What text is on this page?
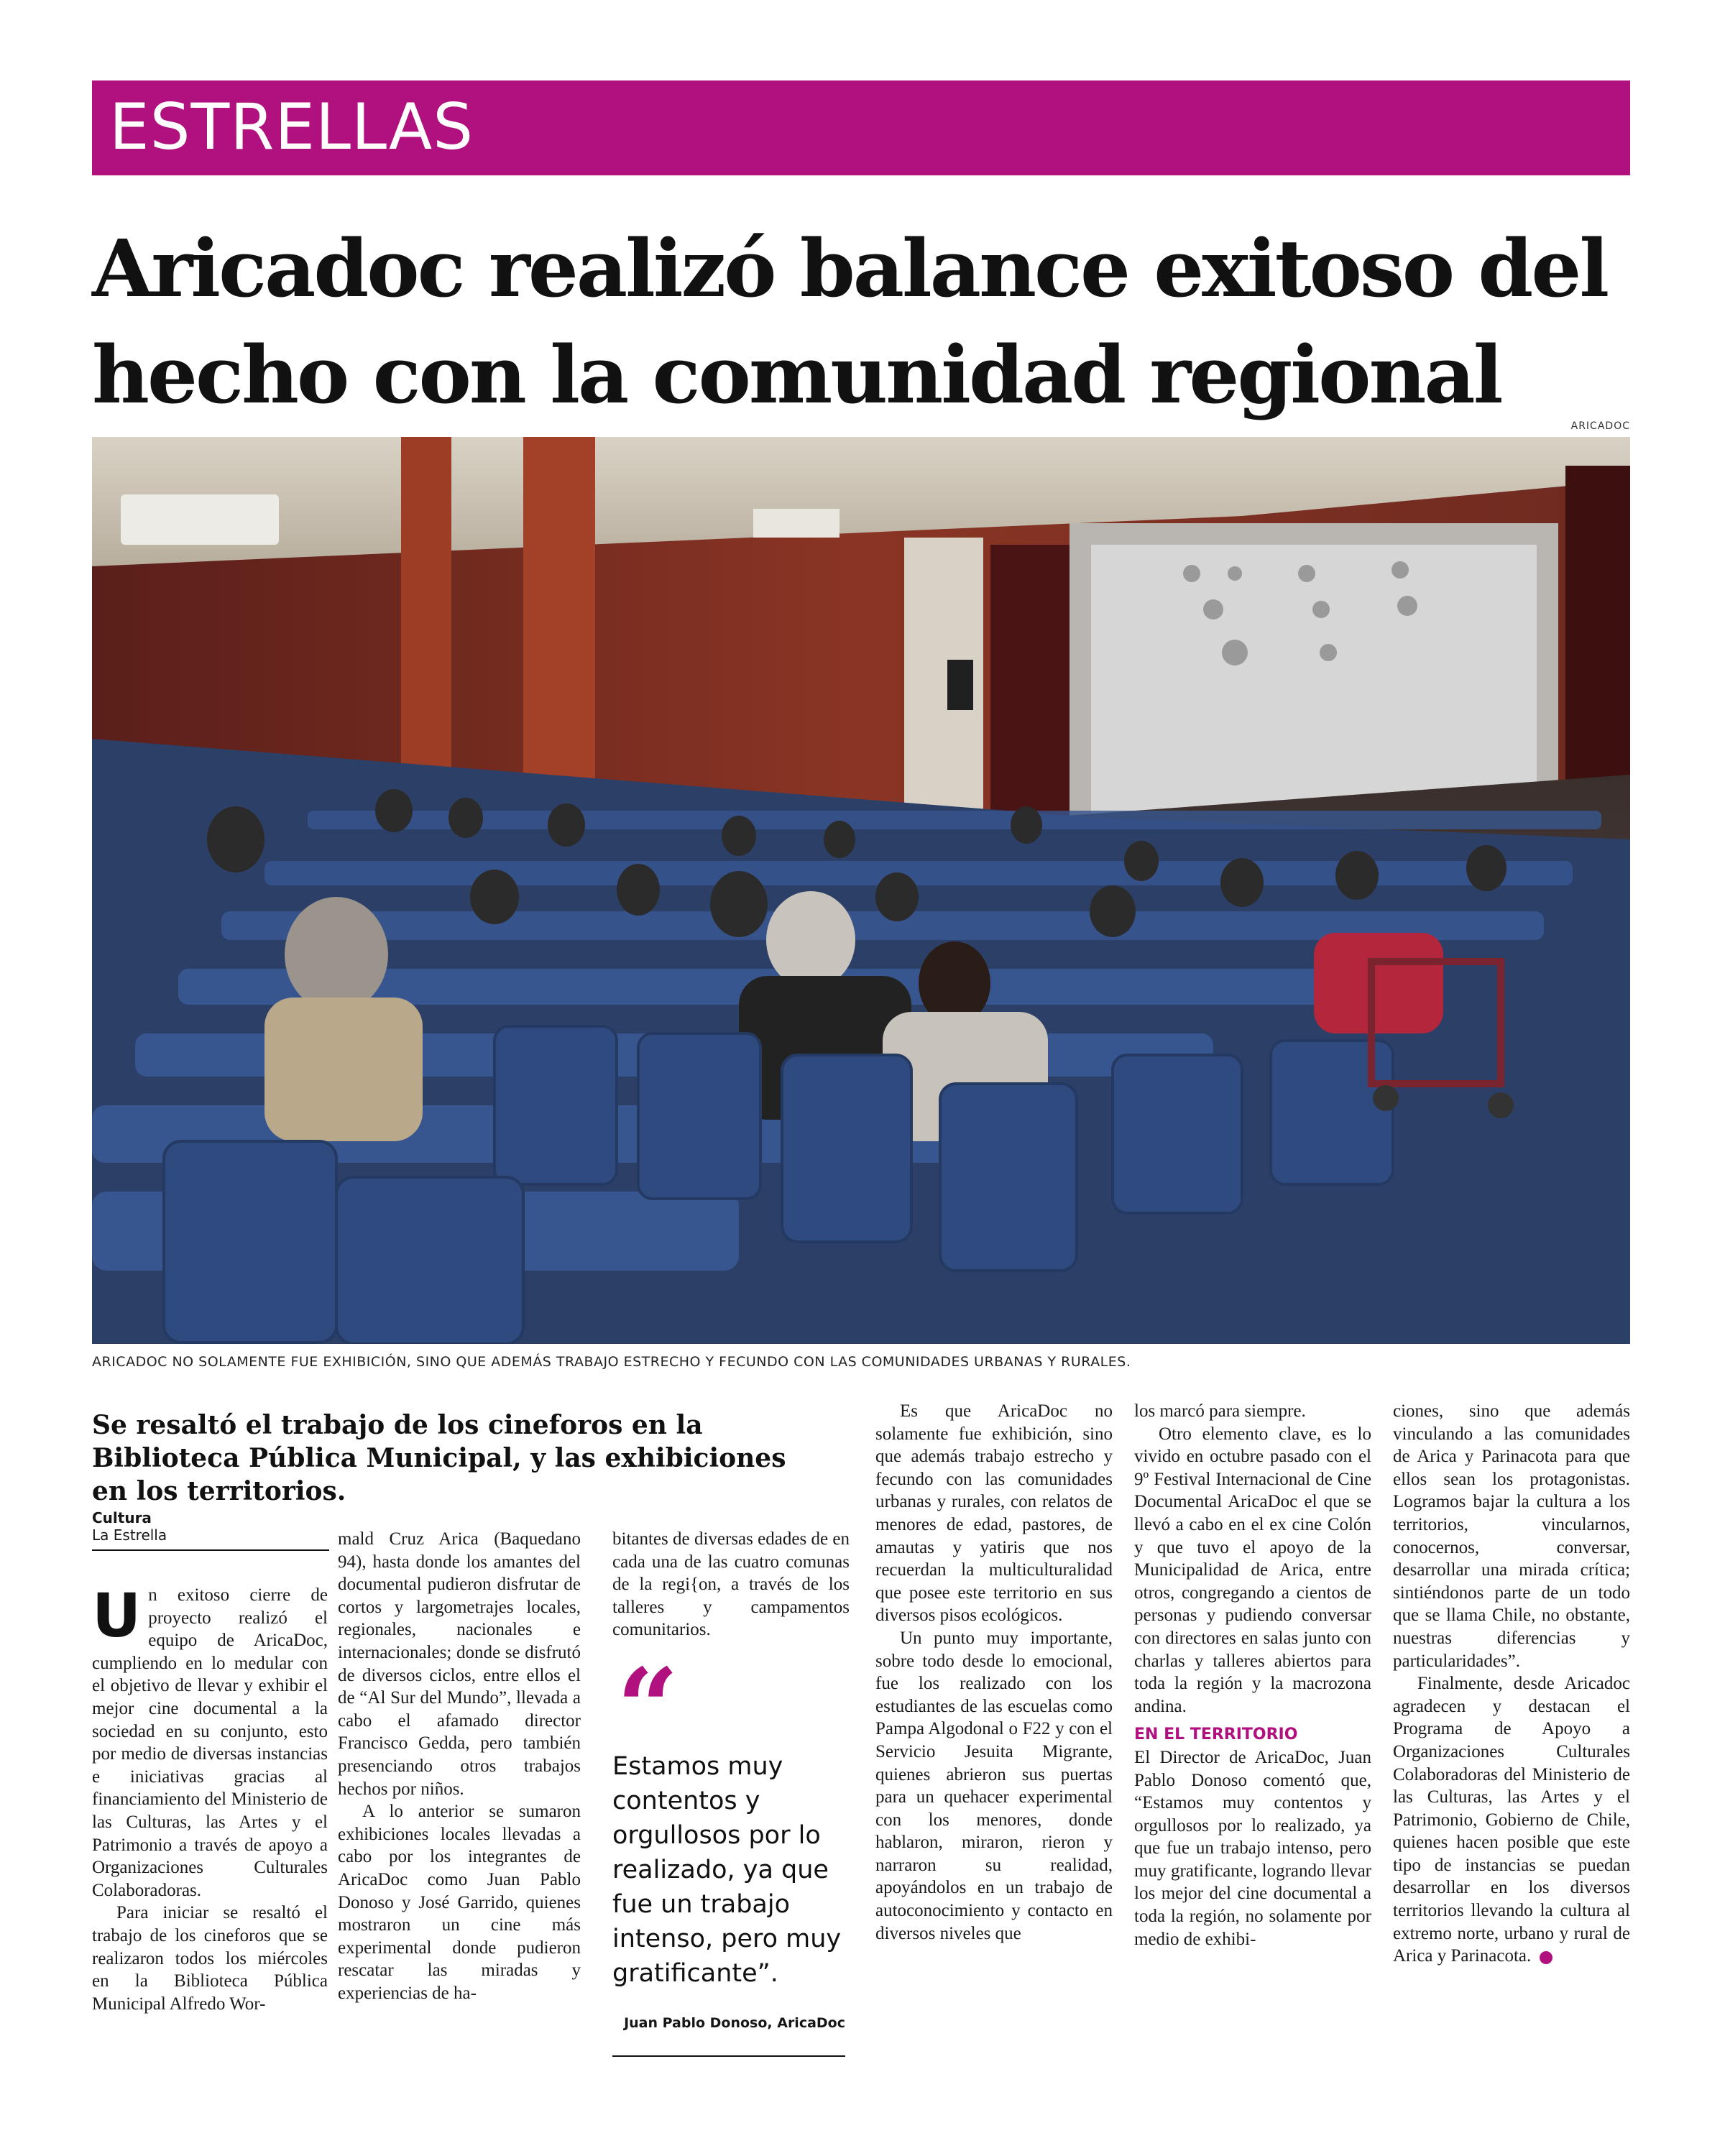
ESTRELLAS
Aricadoc realizó balance exitoso del hecho con la comunidad regional
ARICADOC
ARICADOC NO SOLAMENTE FUE EXHIBICIÓN, SINO QUE ADEMÁS TRABAJO ESTRECHO Y FECUNDO CON LAS COMUNIDADES URBANAS Y RURALES.
Se resaltó el trabajo de los cineforos en la Biblioteca Pública Municipal, y las exhibiciones en los territorios.
Cultura
La Estrella

Un exitoso cierre de proyecto realizó el equipo de AricaDoc, cumpliendo en lo medular con el objetivo de llevar y exhibir el mejor cine documental a la sociedad en su conjunto, esto por medio de diversas instancias e iniciativas gracias al financiamiento del Ministerio de las Culturas, las Artes y el Patrimonio a través de apoyo a Organizaciones Culturales Colaboradoras.

Para iniciar se resaltó el trabajo de los cineforos que se realizaron todos los miércoles en la Biblioteca Pública Municipal Alfredo Wor-

mald Cruz Arica (Baquedano 94), hasta donde los amantes del documental pudieron disfrutar de cortos y largometrajes locales, regionales, nacionales e internacionales; donde se disfrutó de diversos ciclos, entre ellos el de “Al Sur del Mundo”, llevada a cabo el afamado director Francisco Gedda, pero también presenciando otros trabajos hechos por niños.

A lo anterior se sumaron exhibiciones locales llevadas a cabo por los integrantes de AricaDoc como Juan Pablo Donoso y José Garrido, quienes mostraron un cine más experimental donde pudieron rescatar las miradas y experiencias de ha-

bitantes de diversas edades de en cada una de las cuatro comunas de la regi{on, a través de los talleres y campamentos comunitarios.

“
Estamos muy contentos y orgullosos por lo realizado, ya que fue un trabajo intenso, pero muy gratificante”.
Juan Pablo Donoso, AricaDoc

Es que AricaDoc no solamente fue exhibición, sino que además trabajo estrecho y fecundo con las comunidades urbanas y rurales, con relatos de menores de edad, pastores, de amautas y yatiris que nos recuerdan la multiculturalidad que posee este territorio en sus diversos pisos ecológicos.

Un punto muy importante, sobre todo desde lo emocional, fue los realizado con los estudiantes de las escuelas como Pampa Algodonal o F22 y con el Servicio Jesuita Migrante, quienes abrieron sus puertas para un quehacer experimental con los menores, donde hablaron, miraron, rieron y narraron su realidad, apoyándolos en un trabajo de autoconocimiento y contacto en diversos niveles que

los marcó para siempre.

Otro elemento clave, es lo vivido en octubre pasado con el 9º Festival Internacional de Cine Documental AricaDoc el que se llevó a cabo en el ex cine Colón y que tuvo el apoyo de la Municipalidad de Arica, entre otros, congregando a cientos de personas y pudiendo conversar con directores en salas junto con charlas y talleres abiertos para toda la región y la macrozona andina.

EN EL TERRITORIO

El Director de AricaDoc, Juan Pablo Donoso comentó que, “Estamos muy contentos y orgullosos por lo realizado, ya que fue un trabajo intenso, pero muy gratificante, logrando llevar los mejor del cine documental a toda la región, no solamente por medio de exhibi-

ciones, sino que además vinculando a las comunidades de Arica y Parinacota para que ellos sean los protagonistas. Logramos bajar la cultura a los territorios, vincularnos, conocernos, conversar, desarrollar una mirada crítica; sintiéndonos parte de un todo que se llama Chile, no obstante, nuestras diferencias y particularidades”.

Finalmente, desde Aricadoc agradecen y destacan el Programa de Apoyo a Organizaciones Culturales Colaboradoras del Ministerio de las Culturas, las Artes y el Patrimonio, Gobierno de Chile, quienes hacen posible que este tipo de instancias se puedan desarrollar en los diversos territorios llevando la cultura al extremo norte, urbano y rural de Arica y Parinacota.	✪
